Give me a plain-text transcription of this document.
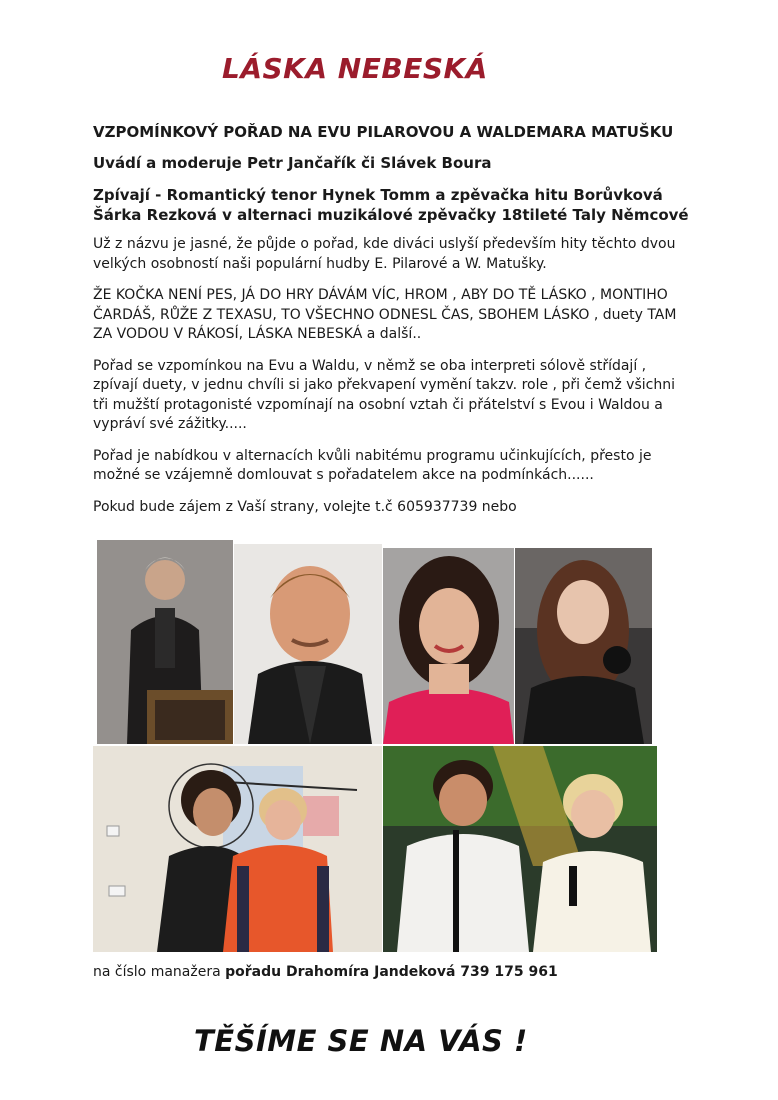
LÁSKA NEBESKÁ

VZPOMÍNKOVÝ POŘAD NA EVU PILAROVOU A WALDEMARA MATUŠKU

Uvádí a moderuje Petr Jančařík či Slávek Boura

Zpívají - Romantický tenor Hynek Tomm a zpěvačka hitu Borůvková Šárka Rezková v alternaci muzikálové zpěvačky 18tileté Taly Němcové

Už z názvu je jasné, že půjde o pořad, kde diváci uslyší především hity těchto dvou velkých osobností naši populární hudby E. Pilarové a W. Matušky.

ŽE KOČKA NENÍ PES, JÁ DO HRY DÁVÁM VÍC, HROM , ABY DO TĚ LÁSKO , MONTIHO ČARDÁŠ, RŮŽE Z TEXASU, TO VŠECHNO ODNESL ČAS, SBOHEM LÁSKO , duety TAM ZA VODOU V RÁKOSÍ, LÁSKA NEBESKÁ a další..

Pořad se vzpomínkou na Evu a Waldu, v němž se oba interpreti sólově střídají , zpívají duety, v jednu chvíli si jako překvapení vymění takzv. role , při čemž všichni tři mužští protagonisté vzpomínají na osobní vztah či přátelství s Evou i Waldou a vypráví své zážitky.....

Pořad je nabídkou v alternacích kvůli nabitému programu učinkujících, přesto je možné se vzájemně domlouvat s pořadatelem akce na podmínkách......

Pokud bude zájem z Vaší strany, volejte t.č 605937739 nebo

na číslo manažera pořadu Drahomíra Jandeková 739 175 961

TĚŠÍME SE NA VÁS !
